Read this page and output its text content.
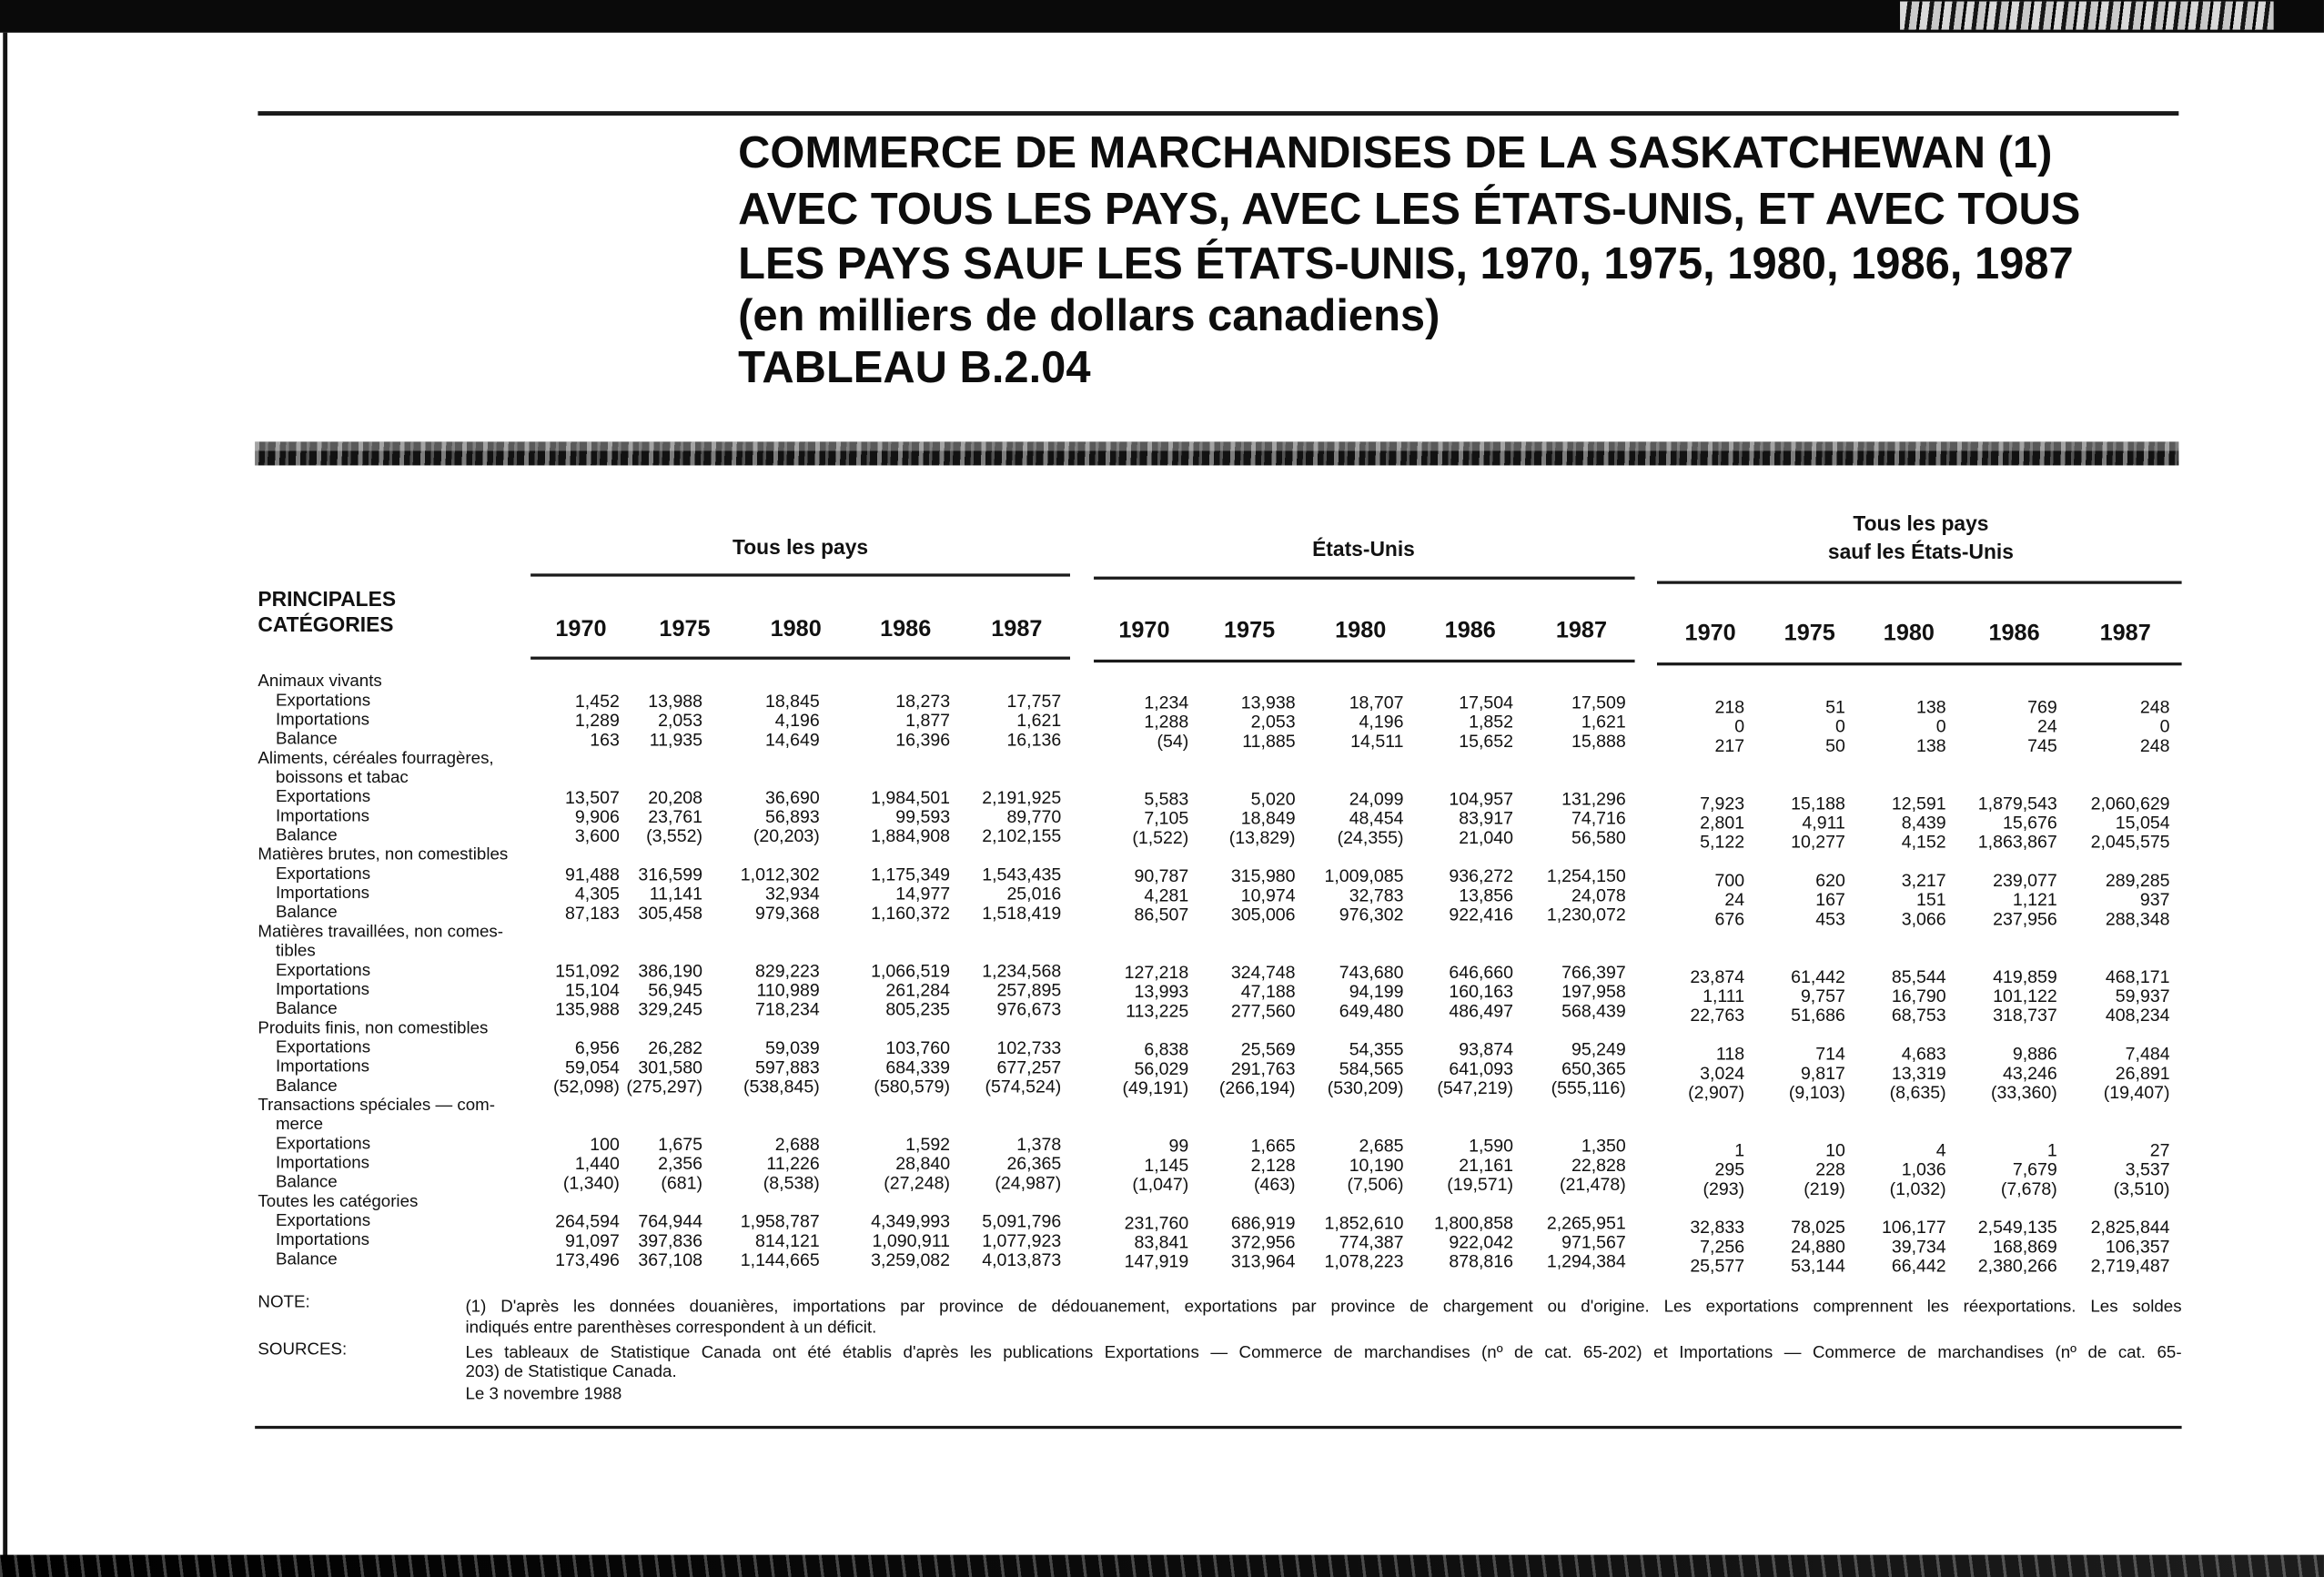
COMMERCE DE MARCHANDISES DE LA SASKATCHEWAN (1)
AVEC TOUS LES PAYS, AVEC LES ÉTATS-UNIS, ET AVEC TOUS
LES PAYS SAUF LES ÉTATS-UNIS, 1970, 1975, 1980, 1986, 1987
(en milliers de dollars canadiens)
TABLEAU B.2.04
Tous les pays	États-Unis
Tous les pays
sauf les États-Unis
PRINCIPALES
CATÉGORIES
NOTE:	(1) D'après les données douanières, importations par province de dédouanement, exportations par province de chargement ou d'origine. Les exportations comprennent les réexportations. Les soldes
indiqués entre parenthèses correspondent à un déficit.
SOURCES:	Les tableaux de Statistique Canada ont été établis d'après les publications Exportations — Commerce de marchandises (nº de cat. 65-202) et Importations — Commerce de marchandises (nº de cat. 65-
203) de Statistique Canada.
Le 3 novembre 1988
1970	1975	1980	1986	1987	1970	1975	1980	1986	1987	1970	1975	1980	1986	1987
Animaux vivants
Exportations	1,452	13,988	18,845	18,273	17,757	1,234	13,938	18,707	17,504	17,509	218	51	138	769	248
Importations	1,289	2,053	4,196	1,877	1,621	1,288	2,053	4,196	1,852	1,621	0	0	0	24	0
Balance	163	11,935	14,649	16,396	16,136	(54)	11,885	14,511	15,652	15,888	217	50	138	745	248
Aliments, céréales fourragères,
boissons et tabac
Exportations	13,507	20,208	36,690	1,984,501	2,191,925	5,583	5,020	24,099	104,957	131,296	7,923	15,188	12,591	1,879,543	2,060,629
Importations	9,906	23,761	56,893	99,593	89,770	7,105	18,849	48,454	83,917	74,716	2,801	4,911	8,439	15,676	15,054
Balance	3,600	(3,552)	(20,203)	1,884,908	2,102,155	(1,522)	(13,829)	(24,355)	21,040	56,580	5,122	10,277	4,152	1,863,867	2,045,575
Matières brutes, non comestibles
Exportations	91,488	316,599	1,012,302	1,175,349	1,543,435	90,787	315,980	1,009,085	936,272	1,254,150	700	620	3,217	239,077	289,285
Importations	4,305	11,141	32,934	14,977	25,016	4,281	10,974	32,783	13,856	24,078	24	167	151	1,121	937
Balance	87,183	305,458	979,368	1,160,372	1,518,419	86,507	305,006	976,302	922,416	1,230,072	676	453	3,066	237,956	288,348
Matières travaillées, non comes-
tibles
Exportations	151,092	386,190	829,223	1,066,519	1,234,568	127,218	324,748	743,680	646,660	766,397	23,874	61,442	85,544	419,859	468,171
Importations	15,104	56,945	110,989	261,284	257,895	13,993	47,188	94,199	160,163	197,958	1,111	9,757	16,790	101,122	59,937
Balance	135,988	329,245	718,234	805,235	976,673	113,225	277,560	649,480	486,497	568,439	22,763	51,686	68,753	318,737	408,234
Produits finis, non comestibles
Exportations	6,956	26,282	59,039	103,760	102,733	6,838	25,569	54,355	93,874	95,249	118	714	4,683	9,886	7,484
Importations	59,054	301,580	597,883	684,339	677,257	56,029	291,763	584,565	641,093	650,365	3,024	9,817	13,319	43,246	26,891
Balance	(52,098) (275,297)	(538,845)	(580,579)	(574,524)	(49,191)	(266,194)	(530,209)	(547,219)	(555,116)	(2,907)	(9,103)	(8,635)	(33,360)	(19,407)
Transactions spéciales — com-
merce
Exportations	100	1,675	2,688	1,592	1,378	99	1,665	2,685	1,590	1,350	1	10	4	1	27
Importations	1,440	2,356	11,226	28,840	26,365	1,145	2,128	10,190	21,161	22,828	295	228	1,036	7,679	3,537
Balance	(1,340)	(681)	(8,538)	(27,248)	(24,987)	(1,047)	(463)	(7,506)	(19,571)	(21,478)	(293)	(219)	(1,032)	(7,678)	(3,510)
Toutes les catégories
Exportations	264,594	764,944	1,958,787	4,349,993	5,091,796	231,760	686,919	1,852,610	1,800,858	2,265,951	32,833	78,025	106,177	2,549,135	2,825,844
Importations	91,097	397,836	814,121	1,090,911	1,077,923	83,841	372,956	774,387	922,042	971,567	7,256	24,880	39,734	168,869	106,357
Balance	173,496	367,108	1,144,665	3,259,082	4,013,873	147,919	313,964	1,078,223	878,816	1,294,384	25,577	53,144	66,442	2,380,266	2,719,487
